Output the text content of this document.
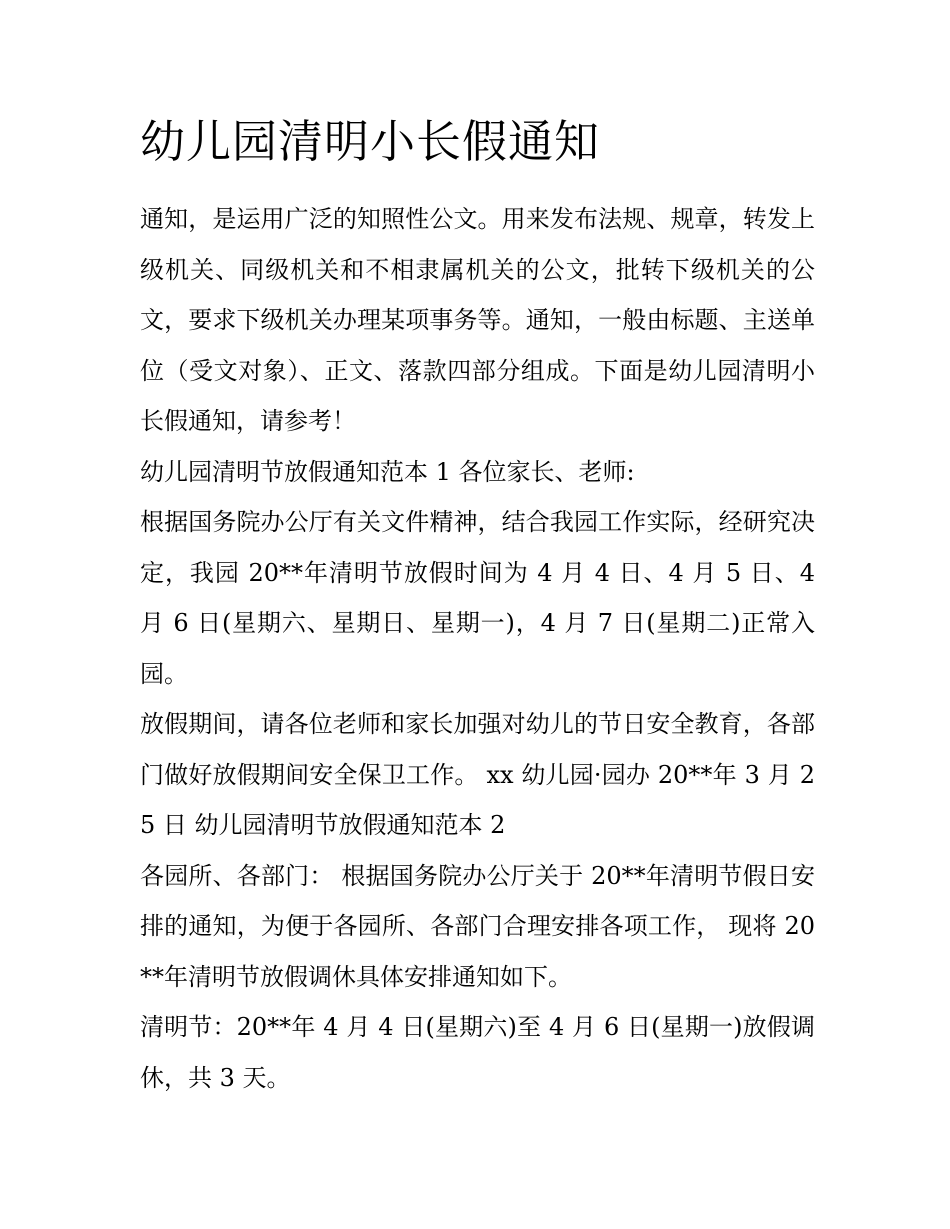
幼儿园清明小长假通知

通知，是运用广泛的知照性公文。用来发布法规、规章，转发上级机关、同级机关和不相隶属机关的公文，批转下级机关的公文，要求下级机关办理某项事务等。通知，一般由标题、主送单位（受文对象）、正文、落款四部分组成。下面是幼儿园清明小长假通知，请参考！

幼儿园清明节放假通知范本 1 各位家长、老师:

根据国务院办公厅有关文件精神，结合我园工作实际，经研究决定，我园 20**年清明节放假时间为 4 月 4 日、4 月 5 日、4 月 6 日(星期六、星期日、星期一)，4 月 7 日(星期二)正常入园。

放假期间，请各位老师和家长加强对幼儿的节日安全教育，各部门做好放假期间安全保卫工作。 xx 幼儿园·园办 20**年 3 月 25 日 幼儿园清明节放假通知范本 2

各园所、各部门： 根据国务院办公厅关于 20**年清明节假日安排的通知，为便于各园所、各部门合理安排各项工作， 现将 20**年清明节放假调休具体安排通知如下。

清明节：20**年 4 月 4 日(星期六)至 4 月 6 日(星期一)放假调休，共 3 天。
